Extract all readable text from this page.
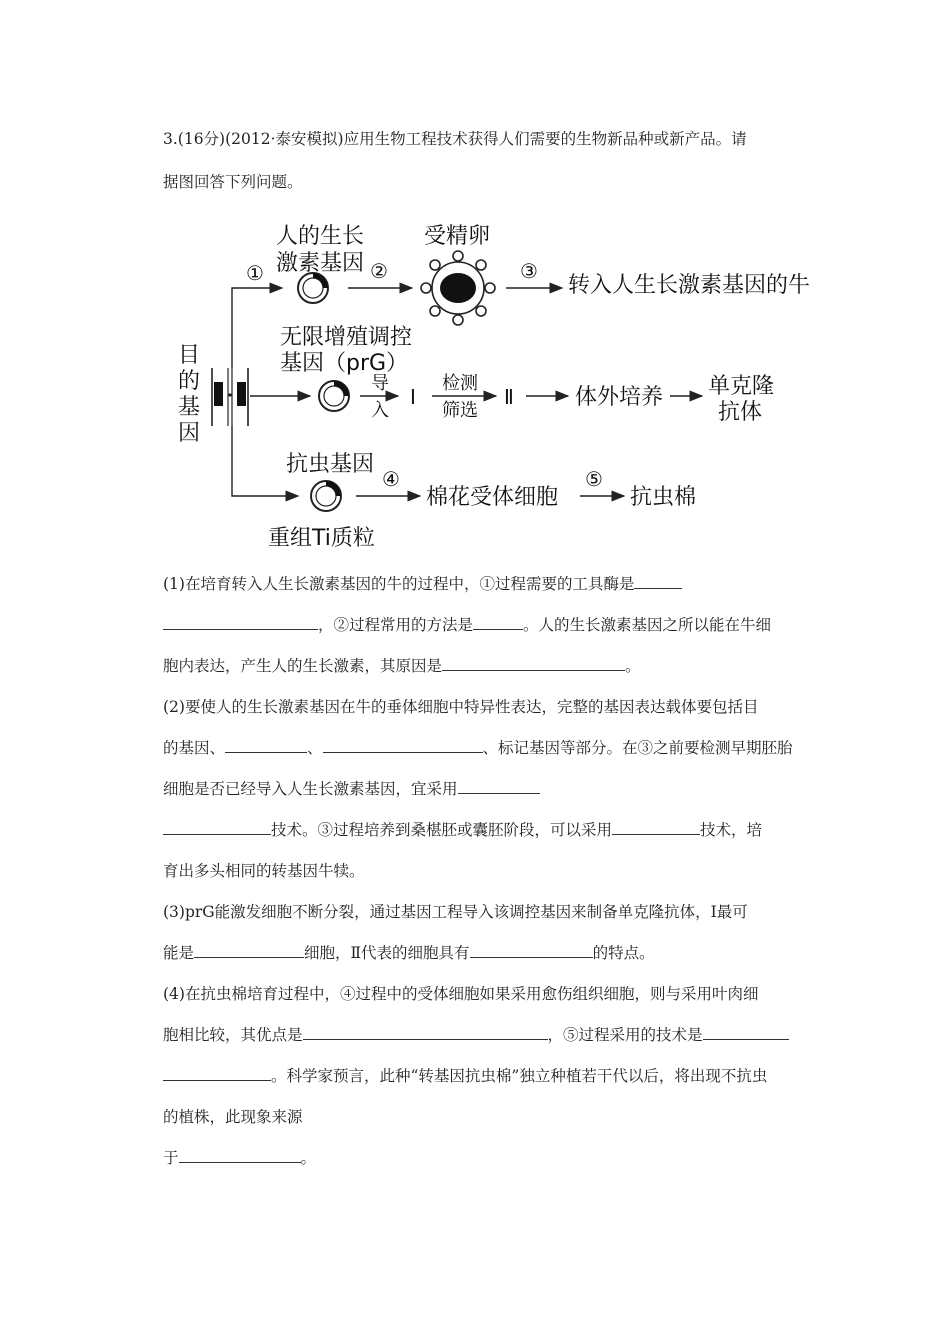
3.(16分)(2012·泰安模拟)应用生物工程技术获得人们需要的生物新品种或新产品。请

据图回答下列问题。

目
的
基
因
①
人的生长
激素基因 ②
受精卵
③
转入人生长激素基因的牛
无限增殖调控
基因（prG）
导
入
Ⅰ
检测
筛选
Ⅱ	体外培养 单克隆
抗体
抗虫基因
④
棉花受体细胞
⑤
抗虫棉
重组Ti质粒

(1)在培育转入人生长激素基因的牛的过程中，①过程需要的工具酶是

，②过程常用的方法是	。人的生长激素基因之所以能在牛细

胞内表达，产生人的生长激素，其原因是	。

(2)要使人的生长激素基因在牛的垂体细胞中特异性表达，完整的基因表达载体要包括目

的基因、	、	、标记基因等部分。在③之前要检测早期胚胎

细胞是否已经导入人生长激素基因，宜采用

技术。③过程培养到桑椹胚或囊胚阶段，可以采用	技术，培

育出多头相同的转基因牛犊。

(3)prG能激发细胞不断分裂，通过基因工程导入该调控基因来制备单克隆抗体，Ⅰ最可

能是	细胞，Ⅱ代表的细胞具有	的特点。

(4)在抗虫棉培育过程中，④过程中的受体细胞如果采用愈伤组织细胞，则与采用叶肉细

胞相比较，其优点是	，⑤过程采用的技术是

。科学家预言，此种“转基因抗虫棉”独立种植若干代以后，将出现不抗虫

的植株，此现象来源

于	。
